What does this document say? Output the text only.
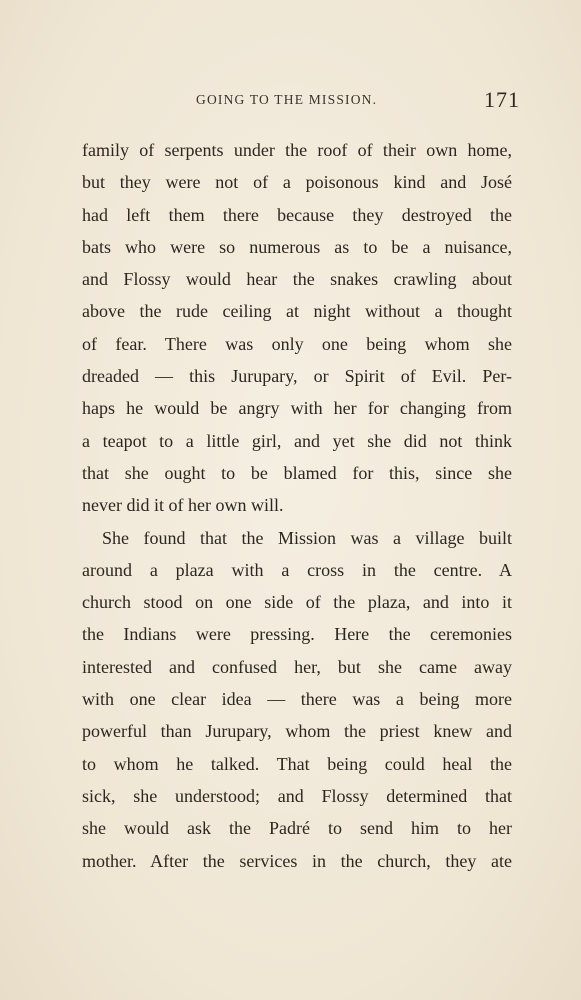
GOING TO THE MISSION.	171
family of serpents under the roof of their own home,
but they were not of a poisonous kind and José
had left them there because they destroyed the
bats who were so numerous as to be a nuisance,
and Flossy would hear the snakes crawling about
above the rude ceiling at night without a thought
of fear. There was only one being whom she
dreaded — this Jurupary, or Spirit of Evil. Per-
haps he would be angry with her for changing from
a teapot to a little girl, and yet she did not think
that she ought to be blamed for this, since she
never did it of her own will.
She found that the Mission was a village built
around a plaza with a cross in the centre. A
church stood on one side of the plaza, and into it
the Indians were pressing. Here the ceremonies
interested and confused her, but she came away
with one clear idea — there was a being more
powerful than Jurupary, whom the priest knew and
to whom he talked. That being could heal the
sick, she understood; and Flossy determined that
she would ask the Padré to send him to her
mother. After the services in the church, they ate
